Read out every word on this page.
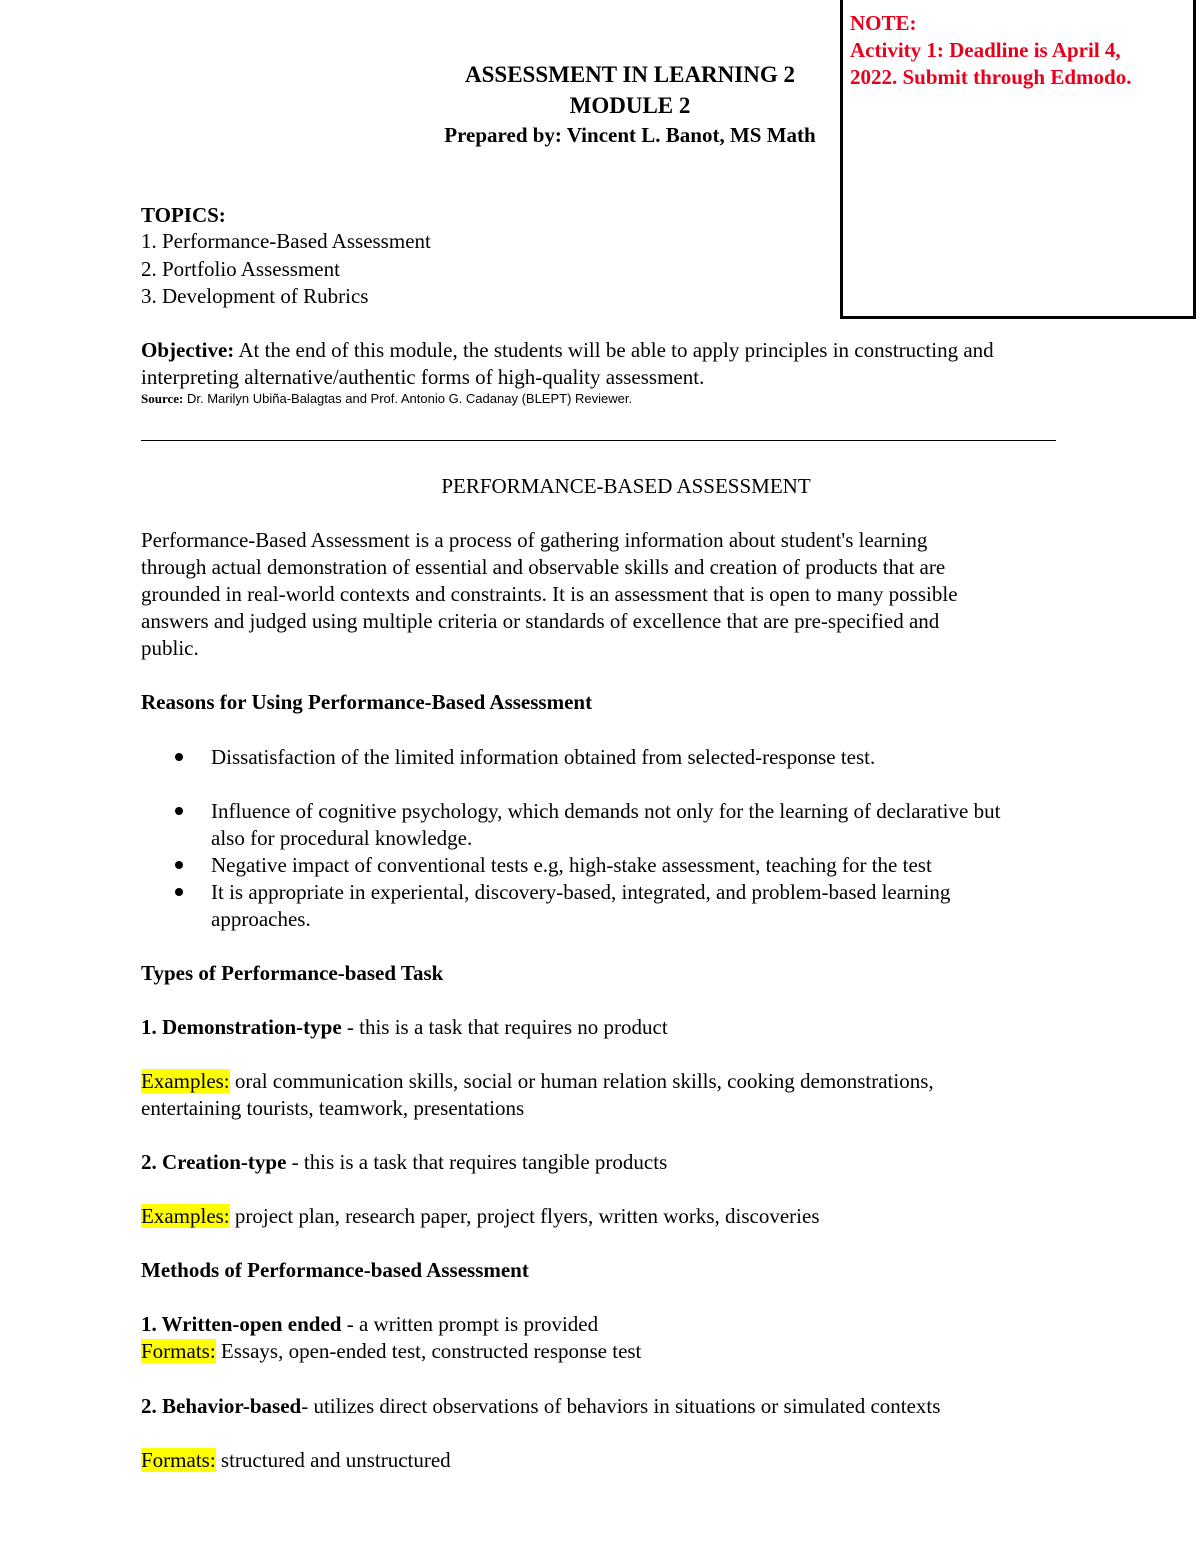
NOTE:
Activity 1: Deadline is April 4,
2022. Submit through Edmodo.
ASSESSMENT IN LEARNING 2
MODULE 2
Prepared by: Vincent L. Banot, MS Math
TOPICS:
1. Performance-Based Assessment
2. Portfolio Assessment
3. Development of Rubrics
Objective: At the end of this module, the students will be able to apply principles in constructing and
interpreting alternative/authentic forms of high-quality assessment.
Source: Dr. Marilyn Ubiña-Balagtas and Prof. Antonio G. Cadanay (BLEPT) Reviewer.
PERFORMANCE-BASED ASSESSMENT
Performance-Based Assessment is a process of gathering information about student's learning
through actual demonstration of essential and observable skills and creation of products that are
grounded in real-world contexts and constraints. It is an assessment that is open to many possible
answers and judged using multiple criteria or standards of excellence that are pre-specified and
public.
Reasons for Using Performance-Based Assessment
Dissatisfaction of the limited information obtained from selected-response test.
Influence of cognitive psychology, which demands not only for the learning of declarative but
also for procedural knowledge.
Negative impact of conventional tests e.g, high-stake assessment, teaching for the test
It is appropriate in experiental, discovery-based, integrated, and problem-based learning
approaches.
Types of Performance-based Task
1. Demonstration-type - this is a task that requires no product
Examples: oral communication skills, social or human relation skills, cooking demonstrations,
entertaining tourists, teamwork, presentations
2. Creation-type - this is a task that requires tangible products
Examples: project plan, research paper, project flyers, written works, discoveries
Methods of Performance-based Assessment
1. Written-open ended - a written prompt is provided
Formats: Essays, open-ended test, constructed response test
2. Behavior-based- utilizes direct observations of behaviors in situations or simulated contexts
Formats: structured and unstructured
